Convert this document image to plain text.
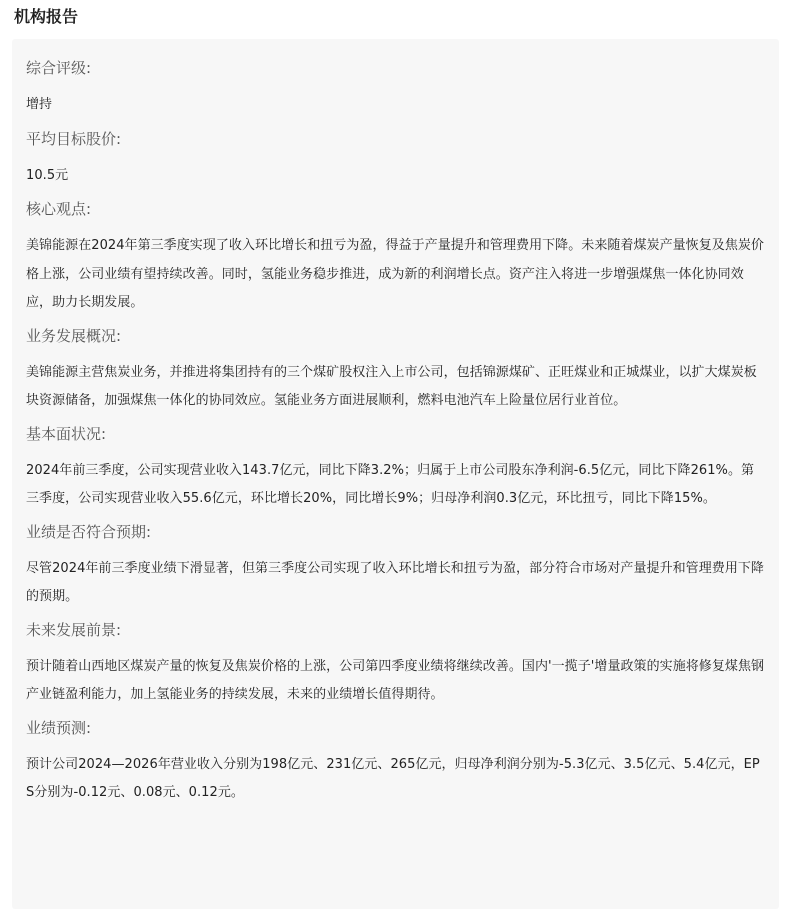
机构报告
综合评级:
增持
平均目标股价:
10.5元
核心观点:
美锦能源在2024年第三季度实现了收入环比增长和扭亏为盈，得益于产量提升和管理费用下降。未来随着煤炭产量恢复及焦炭价格上涨，公司业绩有望持续改善。同时，氢能业务稳步推进，成为新的利润增长点。资产注入将进一步增强煤焦一体化协同效应，助力长期发展。
业务发展概况:
美锦能源主营焦炭业务，并推进将集团持有的三个煤矿股权注入上市公司，包括锦源煤矿、正旺煤业和正城煤业，以扩大煤炭板块资源储备，加强煤焦一体化的协同效应。氢能业务方面进展顺利，燃料电池汽车上险量位居行业首位。
基本面状况:
2024年前三季度，公司实现营业收入143.7亿元，同比下降3.2%；归属于上市公司股东净利润-6.5亿元，同比下降261%。第三季度，公司实现营业收入55.6亿元，环比增长20%，同比增长9%；归母净利润0.3亿元，环比扭亏，同比下降15%。
业绩是否符合预期:
尽管2024年前三季度业绩下滑显著，但第三季度公司实现了收入环比增长和扭亏为盈，部分符合市场对产量提升和管理费用下降的预期。
未来发展前景:
预计随着山西地区煤炭产量的恢复及焦炭价格的上涨，公司第四季度业绩将继续改善。国内'一揽子'增量政策的实施将修复煤焦钢产业链盈利能力，加上氢能业务的持续发展，未来的业绩增长值得期待。
业绩预测:
预计公司2024—2026年营业收入分别为198亿元、231亿元、265亿元，归母净利润分别为-5.3亿元、3.5亿元、5.4亿元，EPS分别为-0.12元、0.08元、0.12元。
